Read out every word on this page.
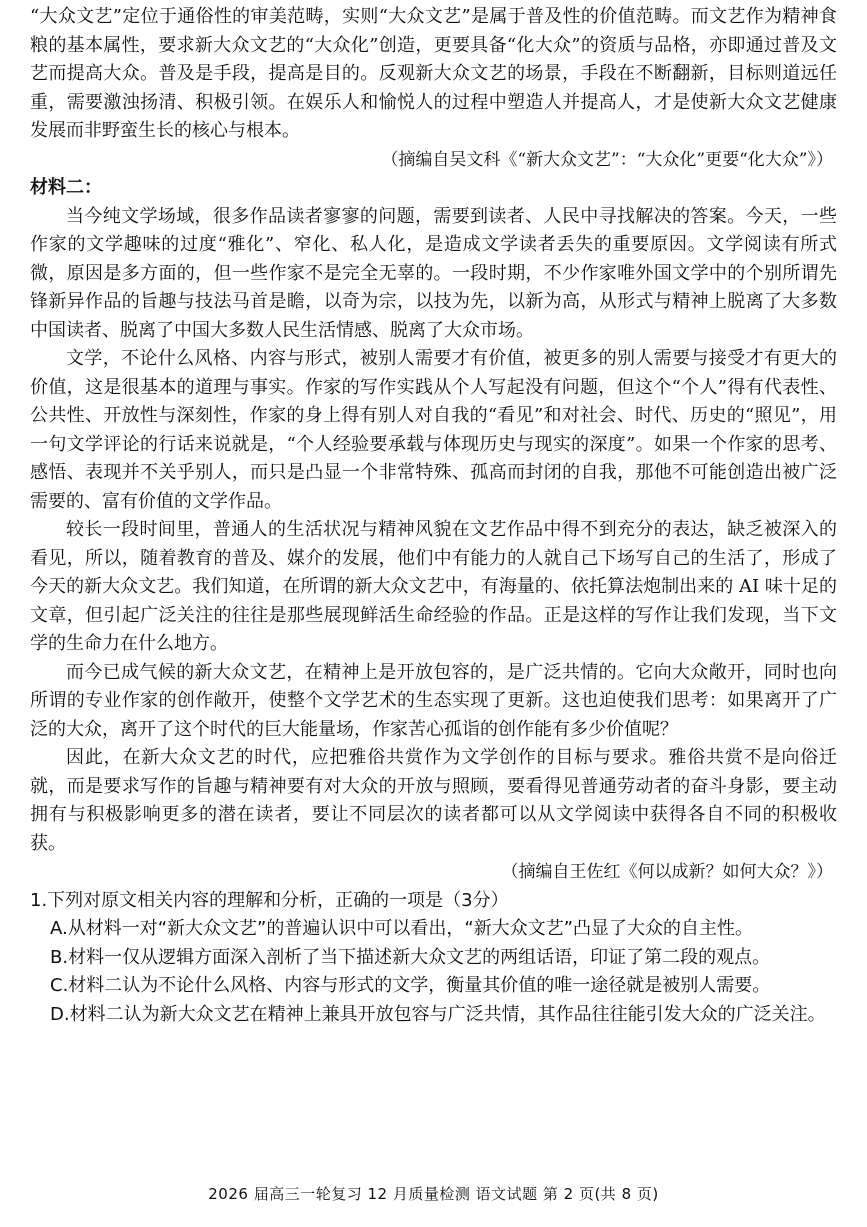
“大众文艺”定位于通俗性的审美范畴，实则“大众文艺”是属于普及性的价值范畴。而文艺作为精神食粮的基本属性，要求新大众文艺的“大众化”创造，更要具备“化大众”的资质与品格，亦即通过普及文艺而提高大众。普及是手段，提高是目的。反观新大众文艺的场景，手段在不断翻新，目标则道远任重，需要激浊扬清、积极引领。在娱乐人和愉悦人的过程中塑造人并提高人，才是使新大众文艺健康发展而非野蛮生长的核心与根本。

（摘编自吴文科《“新大众文艺”：“大众化”更要“化大众”》）

材料二：

当今纯文学场域，很多作品读者寥寥的问题，需要到读者、人民中寻找解决的答案。今天，一些作家的文学趣味的过度“雅化”、窄化、私人化，是造成文学读者丢失的重要原因。文学阅读有所式微，原因是多方面的，但一些作家不是完全无辜的。一段时期，不少作家唯外国文学中的个别所谓先锋新异作品的旨趣与技法马首是瞻，以奇为宗，以技为先，以新为高，从形式与精神上脱离了大多数中国读者、脱离了中国大多数人民生活情感、脱离了大众市场。

文学，不论什么风格、内容与形式，被别人需要才有价值，被更多的别人需要与接受才有更大的价值，这是很基本的道理与事实。作家的写作实践从个人写起没有问题，但这个“个人”得有代表性、公共性、开放性与深刻性，作家的身上得有别人对自我的“看见”和对社会、时代、历史的“照见”，用一句文学评论的行话来说就是，“个人经验要承载与体现历史与现实的深度”。如果一个作家的思考、感悟、表现并不关乎别人，而只是凸显一个非常特殊、孤高而封闭的自我，那他不可能创造出被广泛需要的、富有价值的文学作品。

较长一段时间里，普通人的生活状况与精神风貌在文艺作品中得不到充分的表达，缺乏被深入的看见，所以，随着教育的普及、媒介的发展，他们中有能力的人就自己下场写自己的生活了，形成了今天的新大众文艺。我们知道，在所谓的新大众文艺中，有海量的、依托算法炮制出来的 AI 味十足的文章，但引起广泛关注的往往是那些展现鲜活生命经验的作品。正是这样的写作让我们发现，当下文学的生命力在什么地方。

而今已成气候的新大众文艺，在精神上是开放包容的，是广泛共情的。它向大众敞开，同时也向所谓的专业作家的创作敞开，使整个文学艺术的生态实现了更新。这也迫使我们思考：如果离开了广泛的大众，离开了这个时代的巨大能量场，作家苦心孤诣的创作能有多少价值呢？

因此，在新大众文艺的时代，应把雅俗共赏作为文学创作的目标与要求。雅俗共赏不是向俗迁就，而是要求写作的旨趣与精神要有对大众的开放与照顾，要看得见普通劳动者的奋斗身影，要主动拥有与积极影响更多的潜在读者，要让不同层次的读者都可以从文学阅读中获得各自不同的积极收获。

（摘编自王佐红《何以成新？如何大众？》）

1.下列对原文相关内容的理解和分析，正确的一项是（3分）

A.从材料一对“新大众文艺”的普遍认识中可以看出，“新大众文艺”凸显了大众的自主性。

B.材料一仅从逻辑方面深入剖析了当下描述新大众文艺的两组话语，印证了第二段的观点。

C.材料二认为不论什么风格、内容与形式的文学，衡量其价值的唯一途径就是被别人需要。

D.材料二认为新大众文艺在精神上兼具开放包容与广泛共情，其作品往往能引发大众的广泛关注。

2026 届高三一轮复习 12 月质量检测 语文试题 第 2 页(共 8 页)
